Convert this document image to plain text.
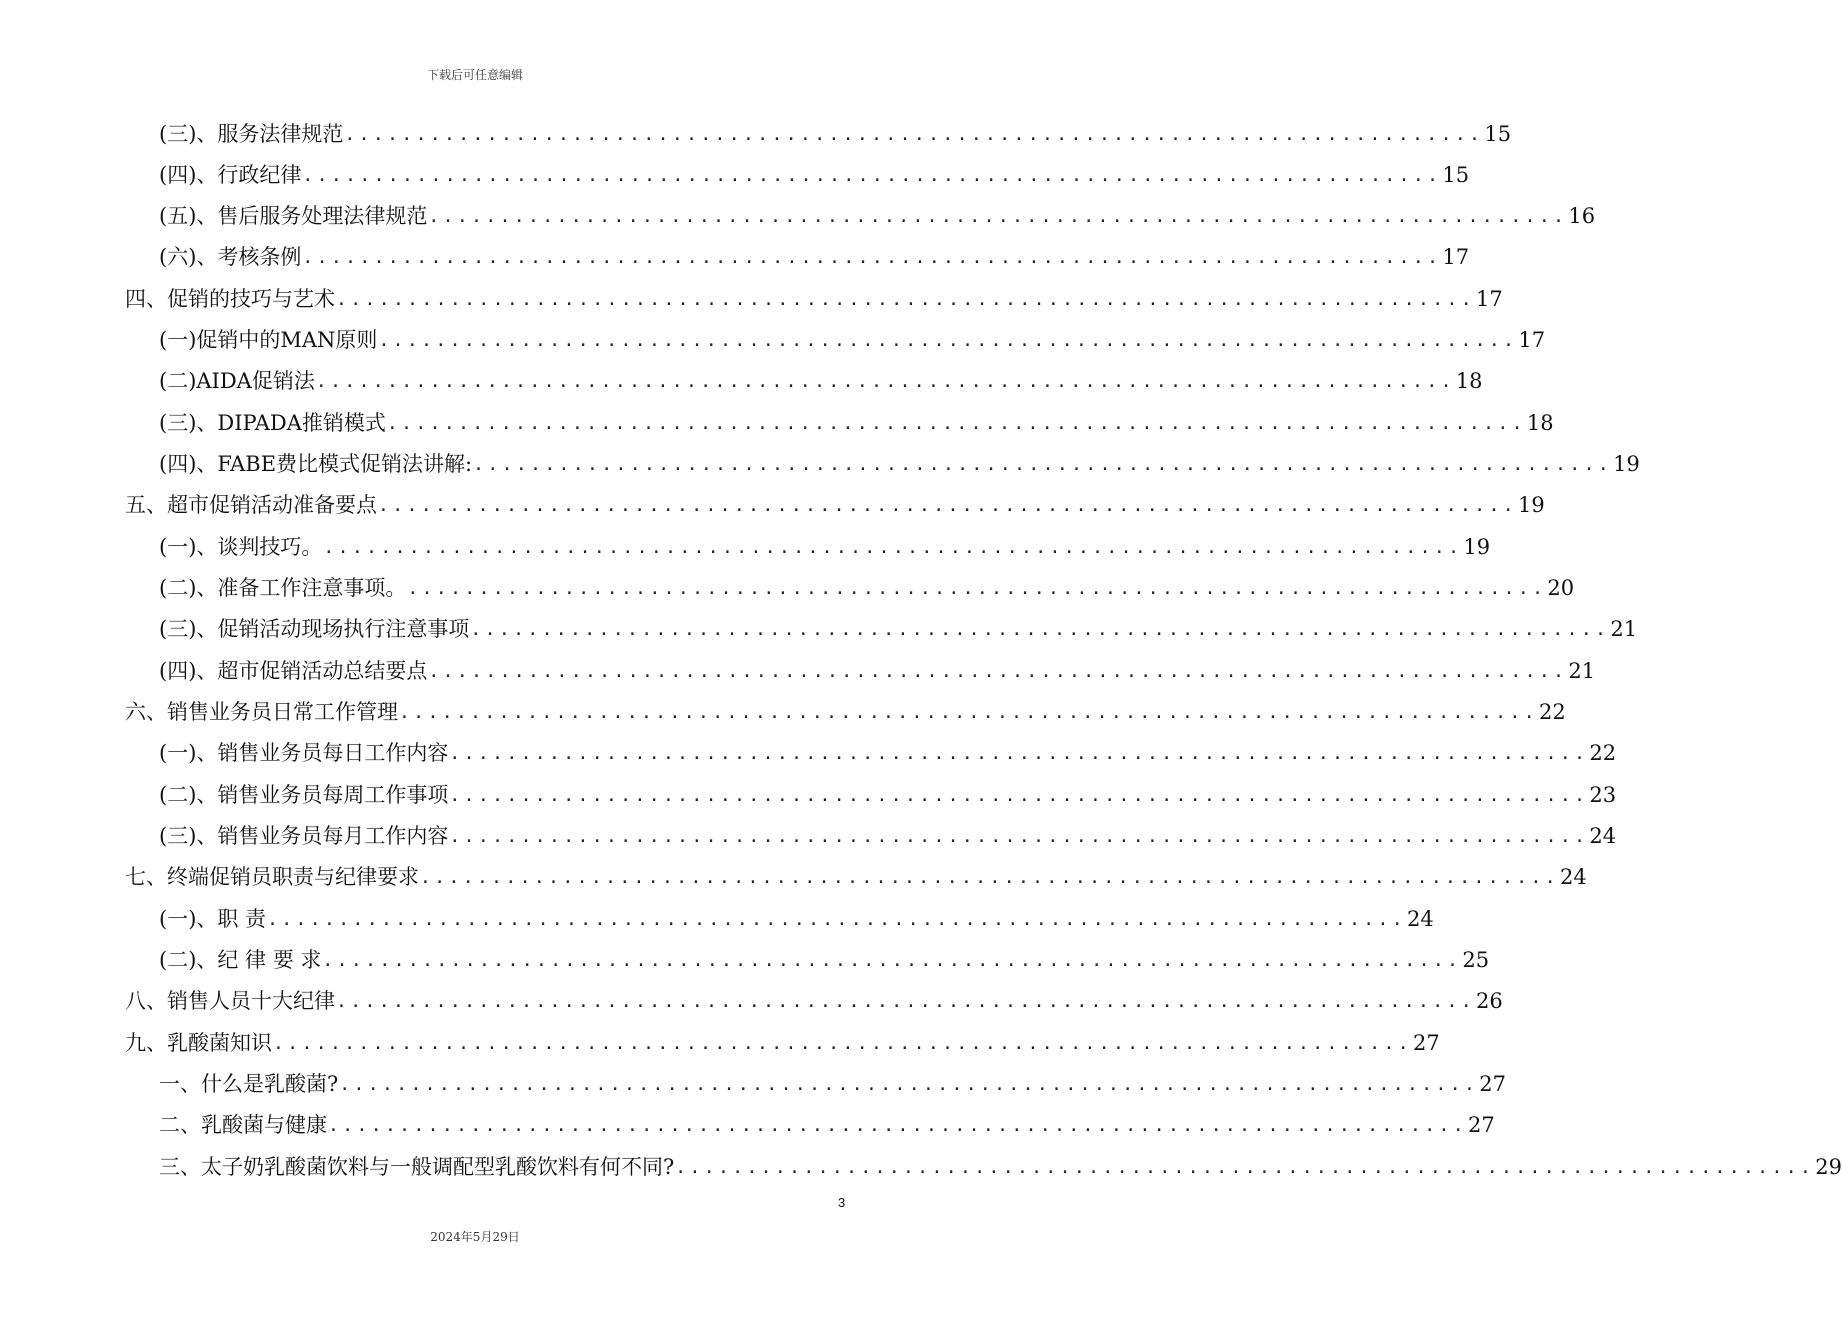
下载后可任意编辑
(三)、服务法律规范 ................................................................................ 15
(四)、行政纪律 ................................................................................ 15
(五)、售后服务处理法律规范 ................................................................................ 16
(六)、考核条例 ................................................................................ 17
四、促销的技巧与艺术 ................................................................................ 17
(一)促销中的MAN原则 ................................................................................ 17
(二)AIDA促销法 ................................................................................ 18
(三)、DIPADA推销模式 ................................................................................ 18
(四)、FABE费比模式促销法讲解: ................................................................................ 19
五、超市促销活动准备要点 ................................................................................ 19
(一)、谈判技巧。 ................................................................................ 19
(二)、准备工作注意事项。 ................................................................................ 20
(三)、促销活动现场执行注意事项 ................................................................................ 21
(四)、超市促销活动总结要点 ................................................................................ 21
六、销售业务员日常工作管理 ................................................................................ 22
(一)、销售业务员每日工作内容 ................................................................................ 22
(二)、销售业务员每周工作事项 ................................................................................ 23
(三)、销售业务员每月工作内容 ................................................................................ 24
七、终端促销员职责与纪律要求 ................................................................................ 24
(一)、职 责 ................................................................................ 24
(二)、纪 律 要 求 ................................................................................ 25
八、销售人员十大纪律 ................................................................................ 26
九、乳酸菌知识 ................................................................................ 27
一、什么是乳酸菌? ................................................................................ 27
二、乳酸菌与健康 ................................................................................ 27
三、太子奶乳酸菌饮料与一般调配型乳酸饮料有何不同? ................................................................................ 29
3
2024年5月29日
